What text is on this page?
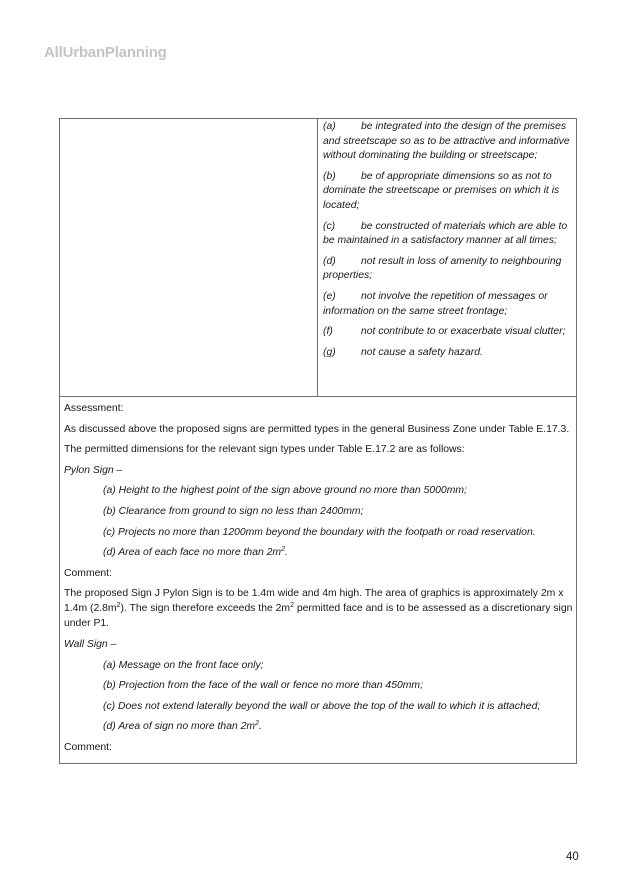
AllUrbanPlanning

(a) be integrated into the design of the premises and streetscape so as to be attractive and informative without dominating the building or streetscape;

(b) be of appropriate dimensions so as not to dominate the streetscape or premises on which it is located;

(c) be constructed of materials which are able to be maintained in a satisfactory manner at all times;

(d) not result in loss of amenity to neighbouring properties;

(e) not involve the repetition of messages or information on the same street frontage;

(f)	not contribute to or exacerbate visual clutter;

(g) not cause a safety hazard.

Assessment:

As discussed above the proposed signs are permitted types in the general Business Zone under Table E.17.3.

The permitted dimensions for the relevant sign types under Table E.17.2 are as follows:

Pylon Sign –

(a) Height to the highest point of the sign above ground no more than 5000mm;

(b) Clearance from ground to sign no less than 2400mm;

(c) Projects no more than 1200mm beyond the boundary with the footpath or road reservation.

(d) Area of each face no more than $2m^2$.

Comment:

The proposed Sign J Pylon Sign is to be 1.4m wide and 4m high. The area of graphics is approximately 2m x 1.4m $(2.8m^2)$. The sign therefore exceeds the $2m^2$ permitted face and is to be assessed as a discretionary sign under P1.

Wall Sign –

(a) Message on the front face only;

(b) Projection from the face of the wall or fence no more than 450mm;

(c) Does not extend laterally beyond the wall or above the top of the wall to which it is attached;

(d) Area of sign no more than $2m^2$.

Comment:

40
